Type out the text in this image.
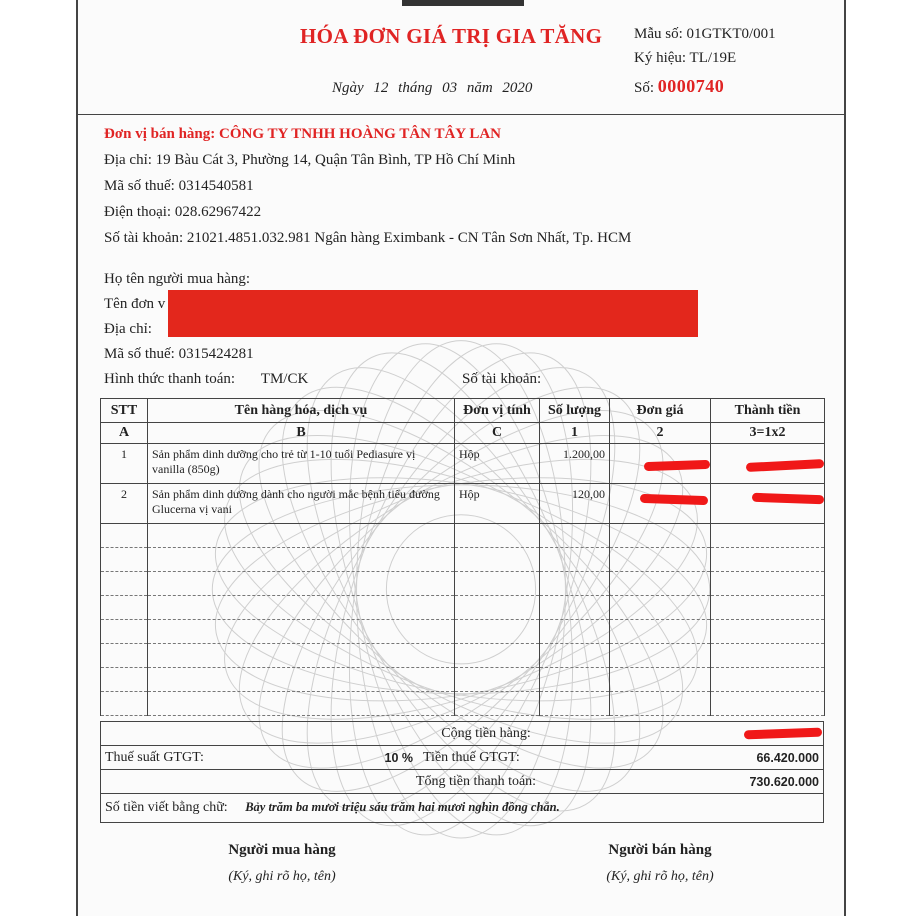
HÓA ĐƠN GIÁ TRỊ GIA TĂNG
Ngày 12 tháng 03 năm 2020
Mẫu số: 01GTKT0/001
Ký hiệu: TL/19E
Số: 0000740
Đơn vị bán hàng: CÔNG TY TNHH HOÀNG TÂN TÂY LAN
Địa chỉ: 19 Bàu Cát 3, Phường 14, Quận Tân Bình, TP Hồ Chí Minh
Mã số thuế: 0314540581
Điện thoại: 028.62967422
Số tài khoản: 21021.4851.032.981 Ngân hàng Eximbank - CN Tân Sơn Nhất, Tp. HCM
Họ tên người mua hàng:
Tên đơn v
Địa chỉ:
Mã số thuế: 0315424281
Hình thức thanh toán: TM/CK	Số tài khoản:
STT	Tên hàng hóa, dịch vụ	Đơn vị tính	Số lượng	Đơn giá	Thành tiền
A	B	C	1	2	3=1x2
1	Sản phẩm dinh dưỡng cho trẻ từ 1-10 tuổi Pediasure vị vanilla (850g)	Hộp	1.200,00		
2	Sản phẩm dinh dưỡng dành cho người mắc bệnh tiểu đường Glucerna vị vani	Hộp	120,00		

Cộng tiền hàng:			
Thuế suất GTGT:	10 %	Tiền thuế GTGT:	66.420.000
Tổng tiền thanh toán:			730.620.000
Số tiền viết bằng chữ: Bảy trăm ba mươi triệu sáu trăm hai mươi nghìn đồng chẵn.			
Người mua hàng
(Ký, ghi rõ họ, tên)
Người bán hàng
(Ký, ghi rõ họ, tên)
